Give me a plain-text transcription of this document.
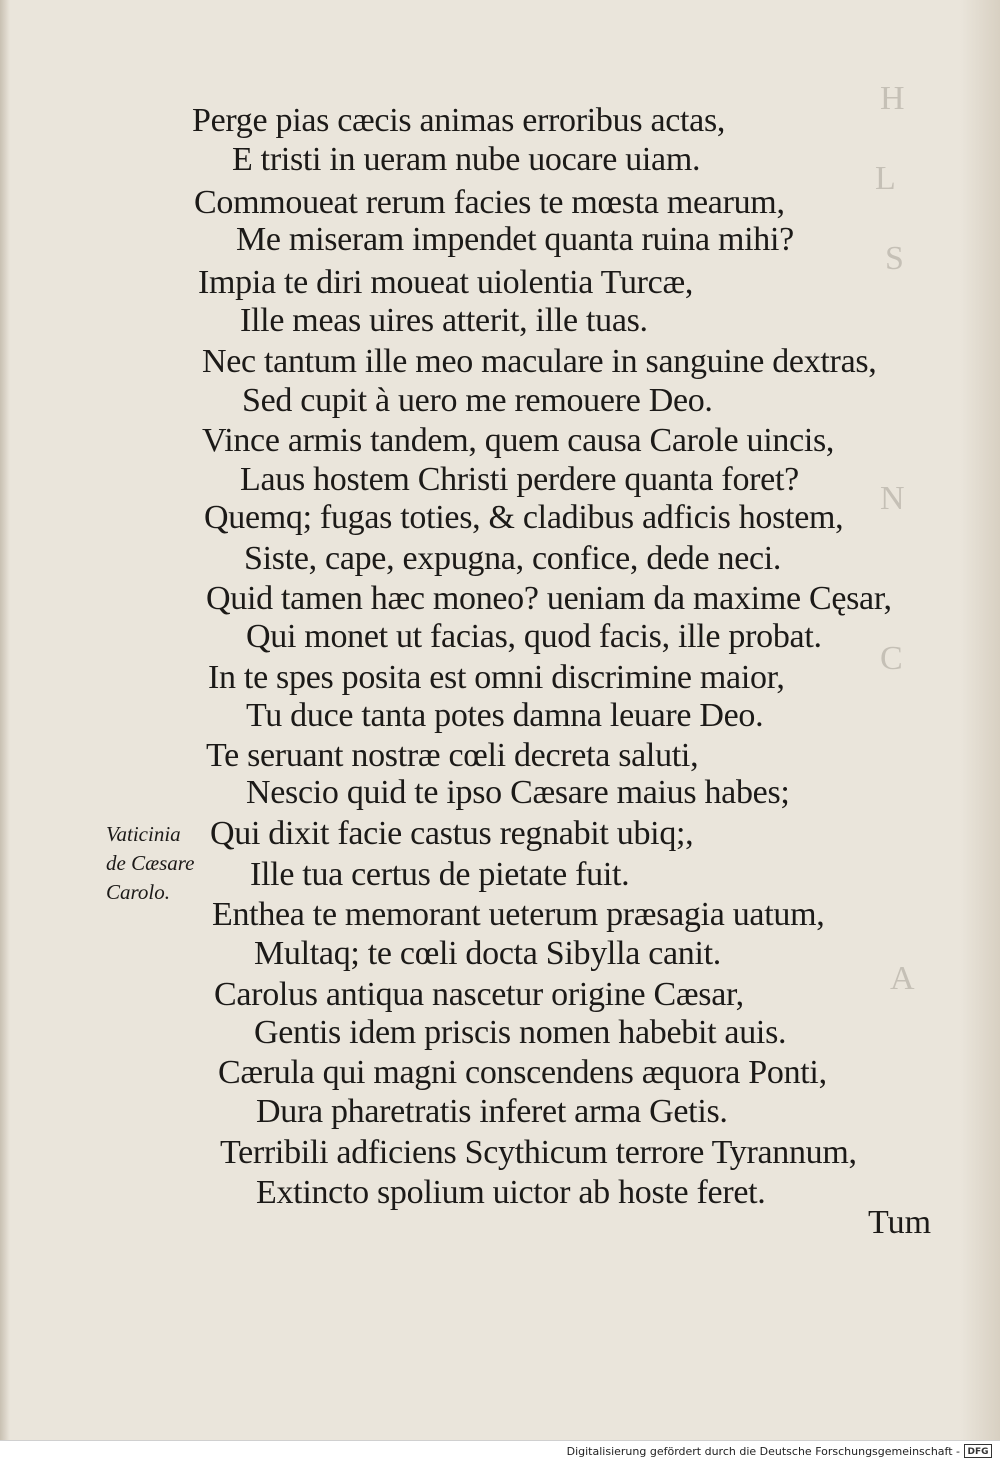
H
L
S
N
C
A
Perge pias cæcis animas erroribus actas,
E tristi in ueram nube uocare uiam.
Commoueat rerum facies te mœsta mearum,
Me miseram impendet quanta ruina mihi?
Impia te diri moueat uiolentia Turcæ,
Ille meas uires atterit, ille tuas.
Nec tantum ille meo maculare in sanguine dextras,
Sed cupit à uero me remouere Deo.
Vince armis tandem, quem causa Carole uincis,
Laus hostem Christi perdere quanta foret?
Quemq; fugas toties, & cladibus adficis hostem,
Siste, cape, expugna, confice, dede neci.
Quid tamen hæc moneo? ueniam da maxime Cęsar,
Qui monet ut facias, quod facis, ille probat.
In te spes posita est omni discrimine maior,
Tu duce tanta potes damna leuare Deo.
Te seruant nostræ cœli decreta saluti,
Nescio quid te ipso Cæsare maius habes;
Qui dixit facie castus regnabit ubiq;,
Ille tua certus de pietate fuit.
Enthea te memorant ueterum præsagia uatum,
Multaq; te cœli docta Sibylla canit.
Carolus antiqua nascetur origine Cæsar,
Gentis idem priscis nomen habebit auis.
Cærula qui magni conscendens æquora Ponti,
Dura pharetratis inferet arma Getis.
Terribili adficiens Scythicum terrore Tyrannum,
Extincto spolium uictor ab hoste feret.
Vaticinia
de Cæsare
Carolo.
Tum
Digitalisierung gefördert durch die Deutsche Forschungsgemeinschaft - DFG
